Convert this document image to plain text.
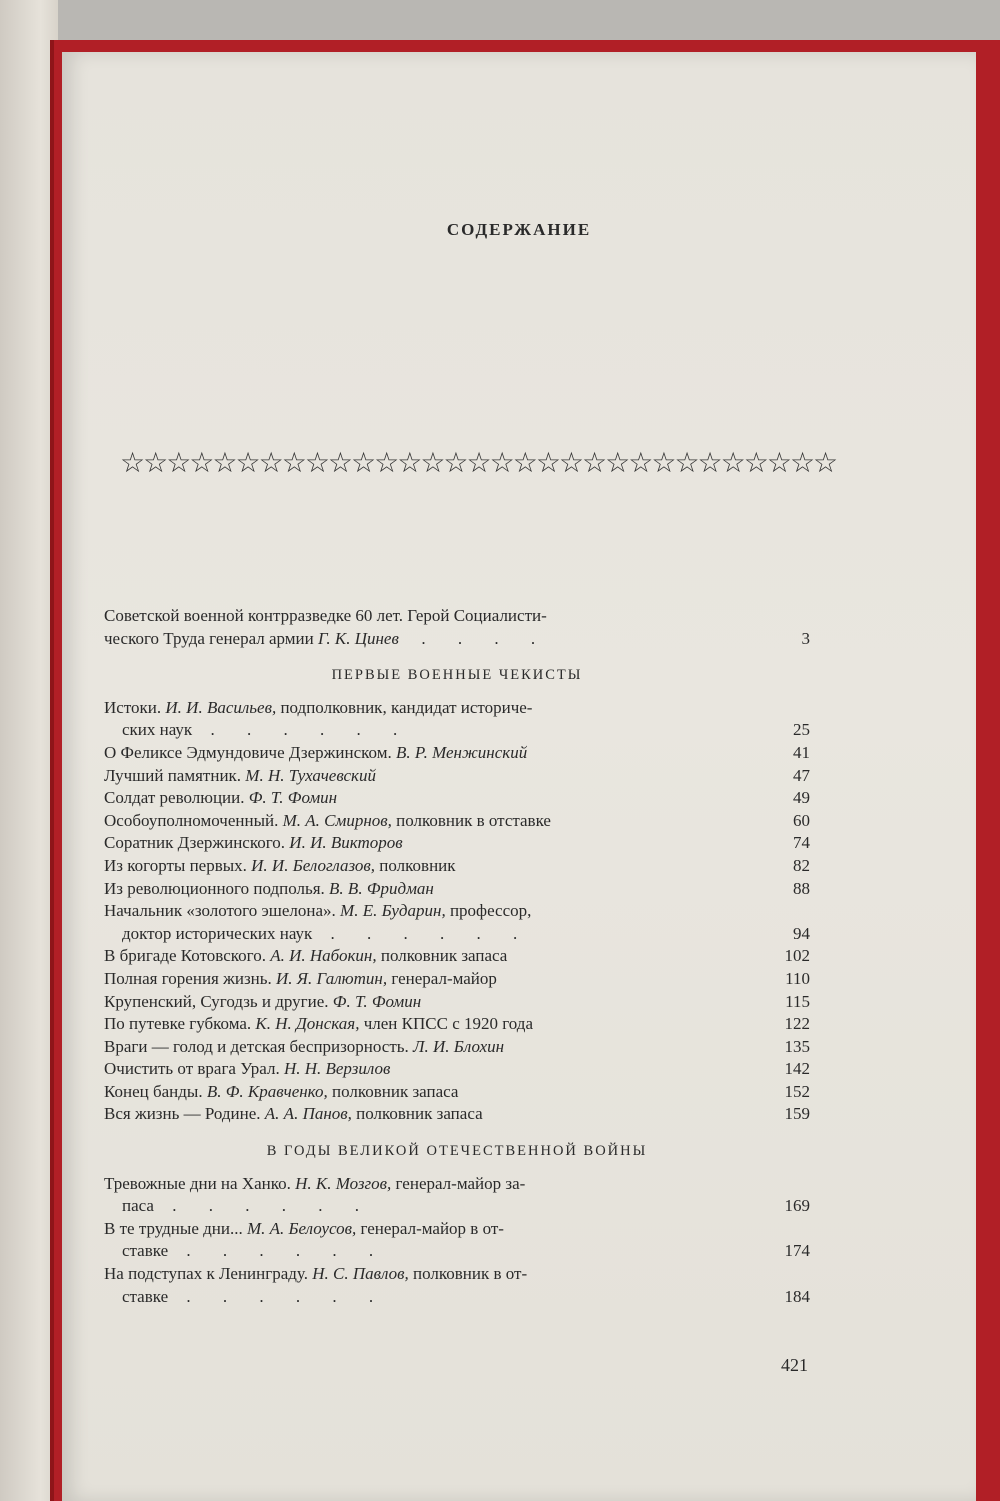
СОДЕРЖАНИЕ
☆☆☆☆☆☆☆☆☆☆☆☆☆☆☆☆☆☆☆☆☆☆☆☆☆☆☆☆☆☆☆
Советской военной контрразведке 60 лет. Герой Социалисти-
ческого Труда генерал армии Г. К. Цинев  . . . .	3
ПЕРВЫЕ ВОЕННЫЕ ЧЕКИСТЫ
Истоки. И. И. Васильев, подполковник, кандидат историче-
ских наук . . . . . .	25
О Феликсе Эдмундовиче Дзержинском. В. Р. Менжинский	41
Лучший памятник. М. Н. Тухачевский	47
Солдат революции. Ф. Т. Фомин	49
Особоуполномоченный. М. А. Смирнов, полковник в отставке	60
Соратник Дзержинского. И. И. Викторов	74
Из когорты первых. И. И. Белоглазов, полковник	82
Из революционного подполья. В. В. Фридман	88
Начальник «золотого эшелона». М. Е. Бударин, профессор,
доктор исторических наук . . . . . .	94
В бригаде Котовского. А. И. Набокин, полковник запаса	102
Полная горения жизнь. И. Я. Галютин, генерал-майор	110
Крупенский, Сугодзь и другие. Ф. Т. Фомин	115
По путевке губкома. К. Н. Донская, член КПСС с 1920 года	122
Враги — голод и детская беспризорность. Л. И. Блохин	135
Очистить от врага Урал. Н. Н. Верзилов	142
Конец банды. В. Ф. Кравченко, полковник запаса	152
Вся жизнь — Родине. А. А. Панов, полковник запаса	159
В ГОДЫ ВЕЛИКОЙ ОТЕЧЕСТВЕННОЙ ВОЙНЫ
Тревожные дни на Ханко. Н. К. Мозгов, генерал-майор за-
паса . . . . . .	169
В те трудные дни... М. А. Белоусов, генерал-майор в от-
ставке . . . . . .	174
На подступах к Ленинграду. Н. С. Павлов, полковник в от-
ставке . . . . . .	184
421
